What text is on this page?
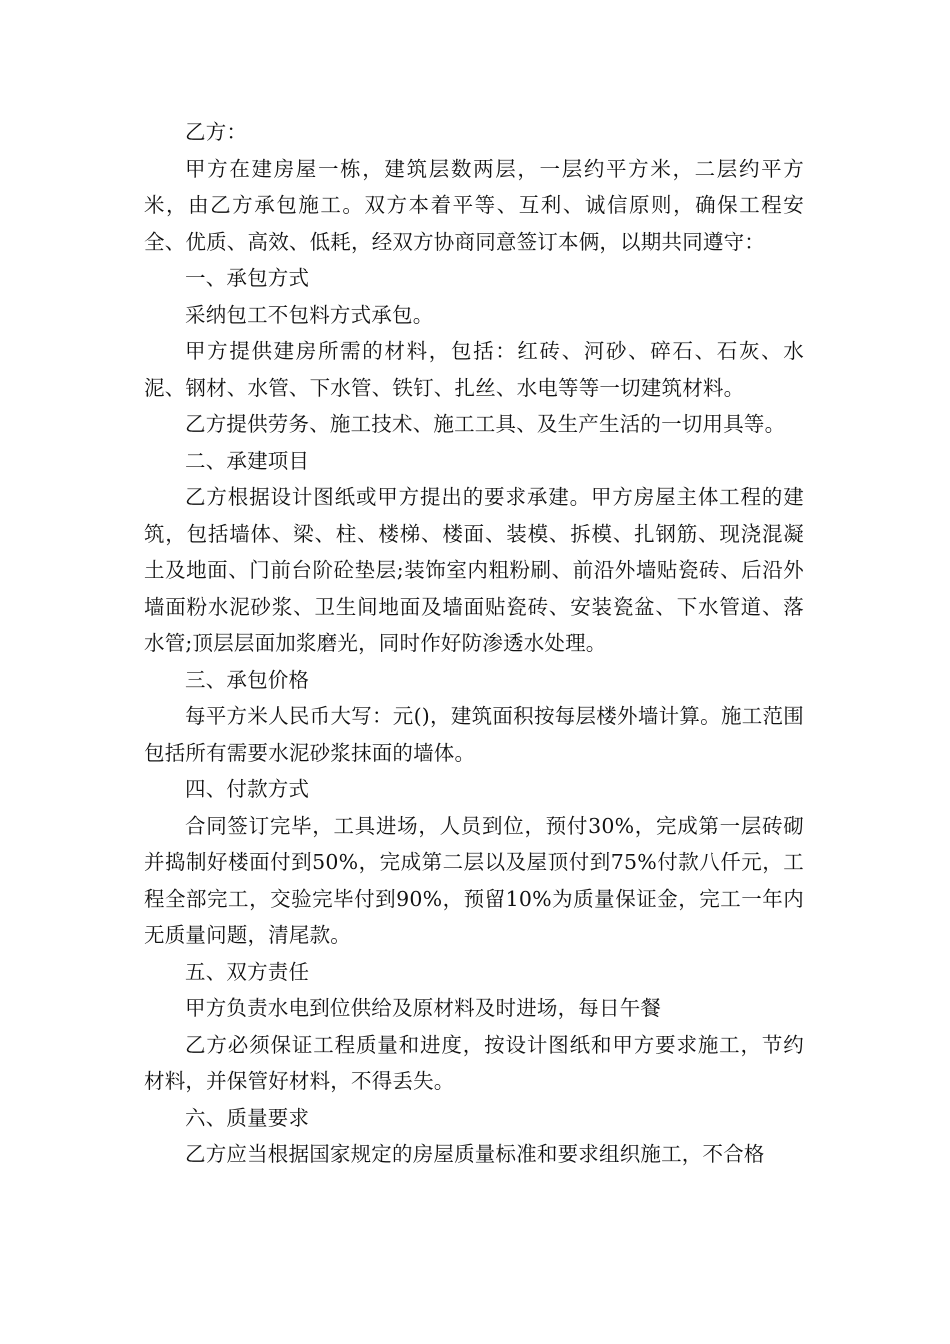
乙方：

甲方在建房屋一栋，建筑层数两层，一层约平方米，二层约平方米，由乙方承包施工。双方本着平等、互利、诚信原则，确保工程安全、优质、高效、低耗，经双方协商同意签订本俩，以期共同遵守：

一、承包方式

采纳包工不包料方式承包。

甲方提供建房所需的材料，包括：红砖、河砂、碎石、石灰、水泥、钢材、水管、下水管、铁钉、扎丝、水电等等一切建筑材料。

乙方提供劳务、施工技术、施工工具、及生产生活的一切用具等。

二、承建项目

乙方根据设计图纸或甲方提出的要求承建。甲方房屋主体工程的建筑，包括墙体、梁、柱、楼梯、楼面、装模、拆模、扎钢筋、现浇混凝土及地面、门前台阶砼垫层;装饰室内粗粉刷、前沿外墙贴瓷砖、后沿外墙面粉水泥砂浆、卫生间地面及墙面贴瓷砖、安装瓷盆、下水管道、落水管;顶层层面加浆磨光，同时作好防渗透水处理。

三、承包价格

每平方米人民币大写：元()，建筑面积按每层楼外墙计算。施工范围包括所有需要水泥砂浆抹面的墙体。

四、付款方式

合同签订完毕，工具进场，人员到位，预付30%，完成第一层砖砌并捣制好楼面付到50%，完成第二层以及屋顶付到75%付款八仟元，工程全部完工，交验完毕付到90%，预留10%为质量保证金，完工一年内无质量问题，清尾款。

五、双方责任

甲方负责水电到位供给及原材料及时进场，每日午餐

乙方必须保证工程质量和进度，按设计图纸和甲方要求施工，节约材料，并保管好材料，不得丢失。

六、质量要求

乙方应当根据国家规定的房屋质量标准和要求组织施工，不合格
